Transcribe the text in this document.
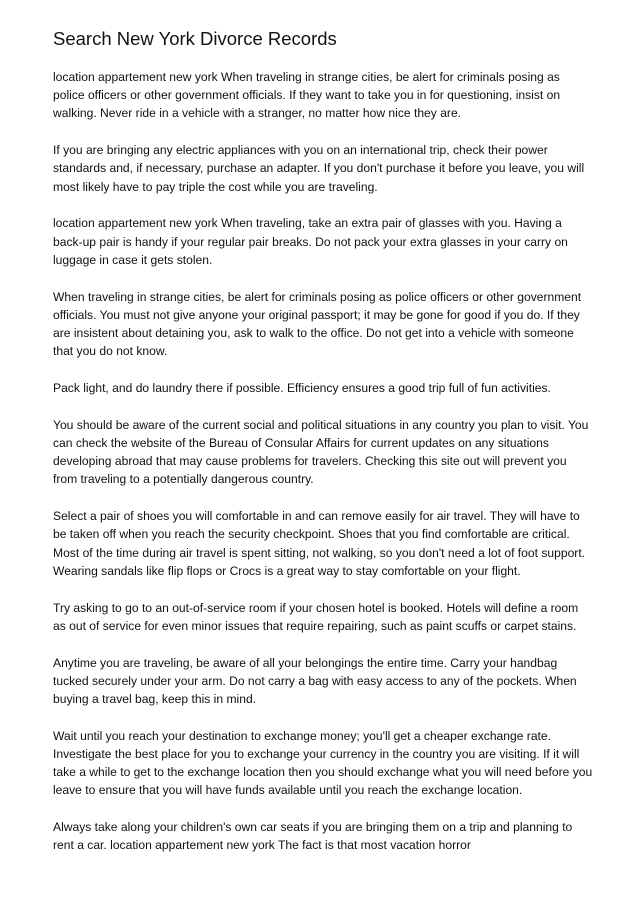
Search New York Divorce Records

location appartement new york When traveling in strange cities, be alert for criminals posing as police officers or other government officials. If they want to take you in for questioning, insist on walking. Never ride in a vehicle with a stranger, no matter how nice they are.

If you are bringing any electric appliances with you on an international trip, check their power standards and, if necessary, purchase an adapter. If you don't purchase it before you leave, you will most likely have to pay triple the cost while you are traveling.

location appartement new york When traveling, take an extra pair of glasses with you. Having a back-up pair is handy if your regular pair breaks. Do not pack your extra glasses in your carry on luggage in case it gets stolen.

When traveling in strange cities, be alert for criminals posing as police officers or other government officials. You must not give anyone your original passport; it may be gone for good if you do. If they are insistent about detaining you, ask to walk to the office. Do not get into a vehicle with someone that you do not know.

Pack light, and do laundry there if possible. Efficiency ensures a good trip full of fun activities.

You should be aware of the current social and political situations in any country you plan to visit. You can check the website of the Bureau of Consular Affairs for current updates on any situations developing abroad that may cause problems for travelers. Checking this site out will prevent you from traveling to a potentially dangerous country.

Select a pair of shoes you will comfortable in and can remove easily for air travel. They will have to be taken off when you reach the security checkpoint. Shoes that you find comfortable are critical. Most of the time during air travel is spent sitting, not walking, so you don't need a lot of foot support. Wearing sandals like flip flops or Crocs is a great way to stay comfortable on your flight.

Try asking to go to an out-of-service room if your chosen hotel is booked. Hotels will define a room as out of service for even minor issues that require repairing, such as paint scuffs or carpet stains.

Anytime you are traveling, be aware of all your belongings the entire time. Carry your handbag tucked securely under your arm. Do not carry a bag with easy access to any of the pockets. When buying a travel bag, keep this in mind.

Wait until you reach your destination to exchange money; you'll get a cheaper exchange rate. Investigate the best place for you to exchange your currency in the country you are visiting. If it will take a while to get to the exchange location then you should exchange what you will need before you leave to ensure that you will have funds available until you reach the exchange location.

Always take along your children's own car seats if you are bringing them on a trip and planning to rent a car. location appartement new york The fact is that most vacation horror
